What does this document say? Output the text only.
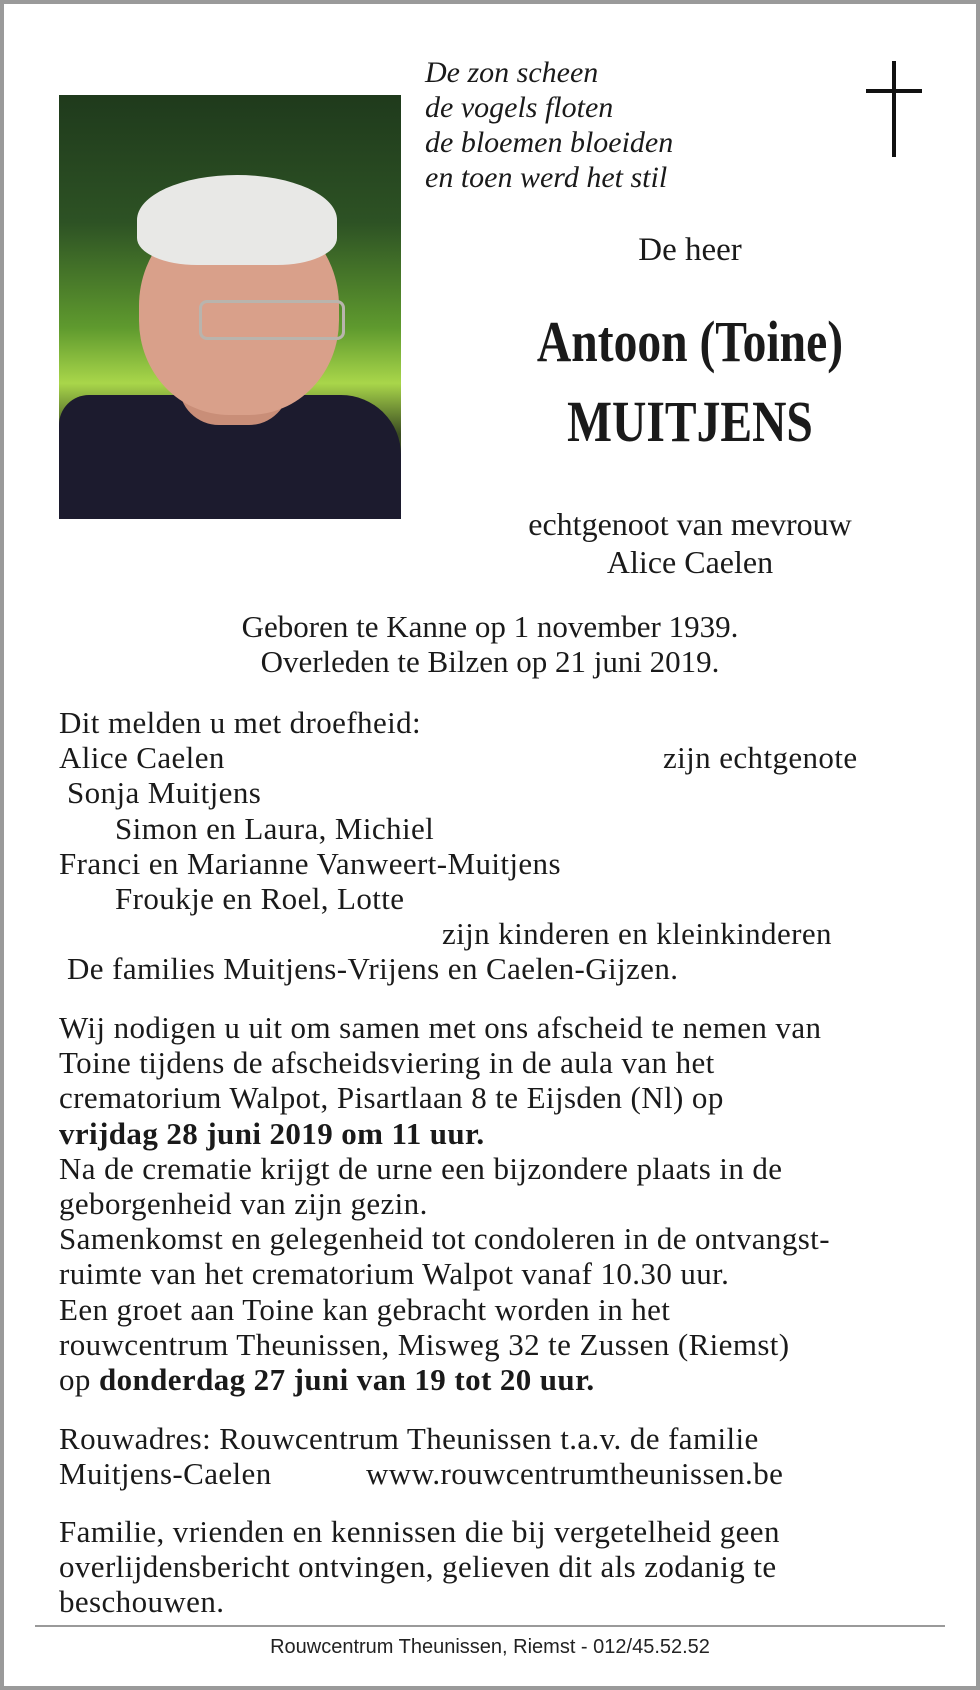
De zon scheen
de vogels floten
de bloemen bloeiden
en toen werd het stil
De heer
Antoon (Toine)
MUITJENS
echtgenoot van mevrouw
Alice Caelen
Geboren te Kanne op 1 november 1939.
Overleden te Bilzen op 21 juni 2019.
Dit melden u met droefheid:
Alice Caelen	zijn echtgenote
Sonja Muitjens
Simon en Laura, Michiel
Franci en Marianne Vanweert-Muitjens
Froukje en Roel, Lotte
zijn kinderen en kleinkinderen
De families Muitjens-Vrijens en Caelen-Gijzen.
Wij nodigen u uit om samen met ons afscheid te nemen van
Toine tijdens de afscheidsviering in de aula van het
crematorium Walpot, Pisartlaan 8 te Eijsden (Nl) op
vrijdag 28 juni 2019 om 11 uur.
Na de crematie krijgt de urne een bijzondere plaats in de
geborgenheid van zijn gezin.
Samenkomst en gelegenheid tot condoleren in de ontvangst-
ruimte van het crematorium Walpot vanaf 10.30 uur.
Een groet aan Toine kan gebracht worden in het
rouwcentrum Theunissen, Misweg 32 te Zussen (Riemst)
op donderdag 27 juni van 19 tot 20 uur.
Rouwadres: Rouwcentrum Theunissen t.a.v. de familie
Muitjens-Caelen	www.rouwcentrumtheunissen.be
Familie, vrienden en kennissen die bij vergetelheid geen
overlijdensbericht ontvingen, gelieven dit als zodanig te
beschouwen.
Rouwcentrum Theunissen, Riemst - 012/45.52.52
